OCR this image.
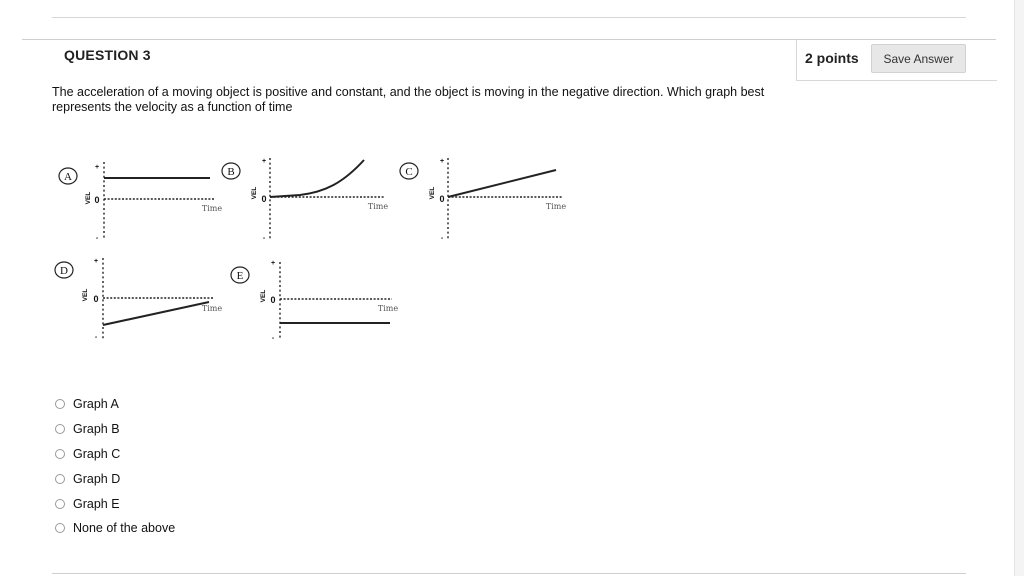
QUESTION 3	2 points	Save Answer
The acceleration of a moving object is positive and constant, and the object is moving in the negative direction. Which graph best represents the velocity as a function of time
A
+
VEL 0
-
Time
B
+
VEL 0
-
Time
C
+
VEL 0
-
Time
D
+
VEL 0
-
Time
E
+
VEL 0
-
Time
Graph A
Graph B
Graph C
Graph D
Graph E
None of the above
